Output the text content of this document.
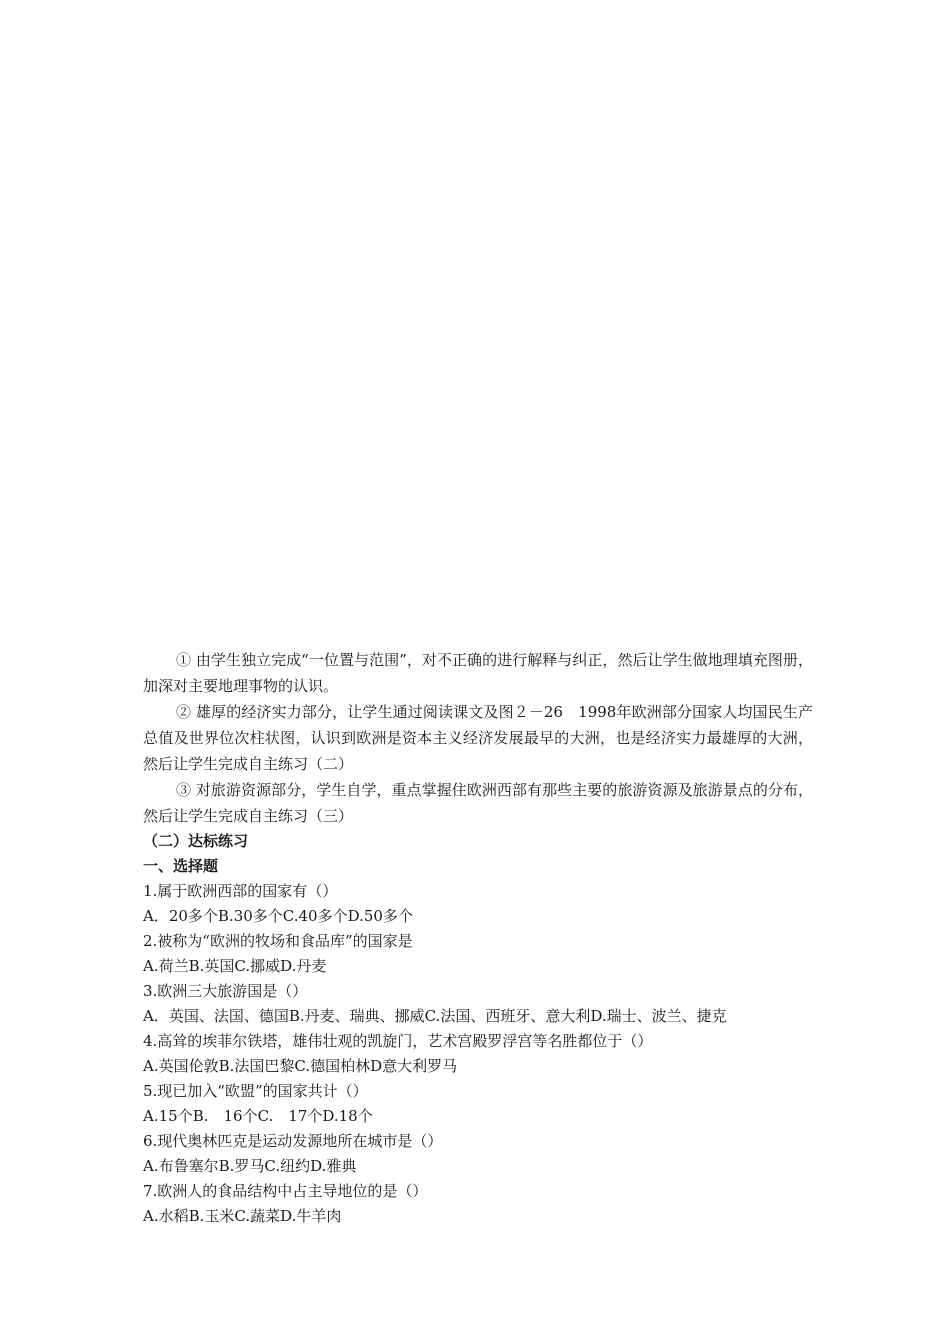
① 由学生独立完成“一位置与范围”，对不正确的进行解释与纠正，然后让学生做地理填充图册，加深对主要地理事物的认识。

② 雄厚的经济实力部分，让学生通过阅读课文及图２－26　1998年欧洲部分国家人均国民生产总值及世界位次柱状图，认识到欧洲是资本主义经济发展最早的大洲，也是经济实力最雄厚的大洲，然后让学生完成自主练习（二）

③ 对旅游资源部分，学生自学，重点掌握住欧洲西部有那些主要的旅游资源及旅游景点的分布，然后让学生完成自主练习（三）

（二）达标练习

一、选择题

1.属于欧洲西部的国家有（）

A．20多个B.30多个C.40多个D.50多个

2.被称为“欧洲的牧场和食品库”的国家是

A.荷兰B.英国C.挪威D.丹麦

3.欧洲三大旅游国是（）

A．英国、法国、德国B.丹麦、瑞典、挪威C.法国、西班牙、意大利D.瑞士、波兰、捷克

4.高耸的埃菲尔铁塔，雄伟壮观的凯旋门，艺术宫殿罗浮宫等名胜都位于（）

A.英国伦敦B.法国巴黎C.德国柏林D意大利罗马

5.现已加入“欧盟”的国家共计（）

A.15个B.　16个C.　17个D.18个

6.现代奥林匹克是运动发源地所在城市是（）

A.布鲁塞尔B.罗马C.纽约D.雅典

7.欧洲人的食品结构中占主导地位的是（）

A.水稻B.玉米C.蔬菜D.牛羊肉
